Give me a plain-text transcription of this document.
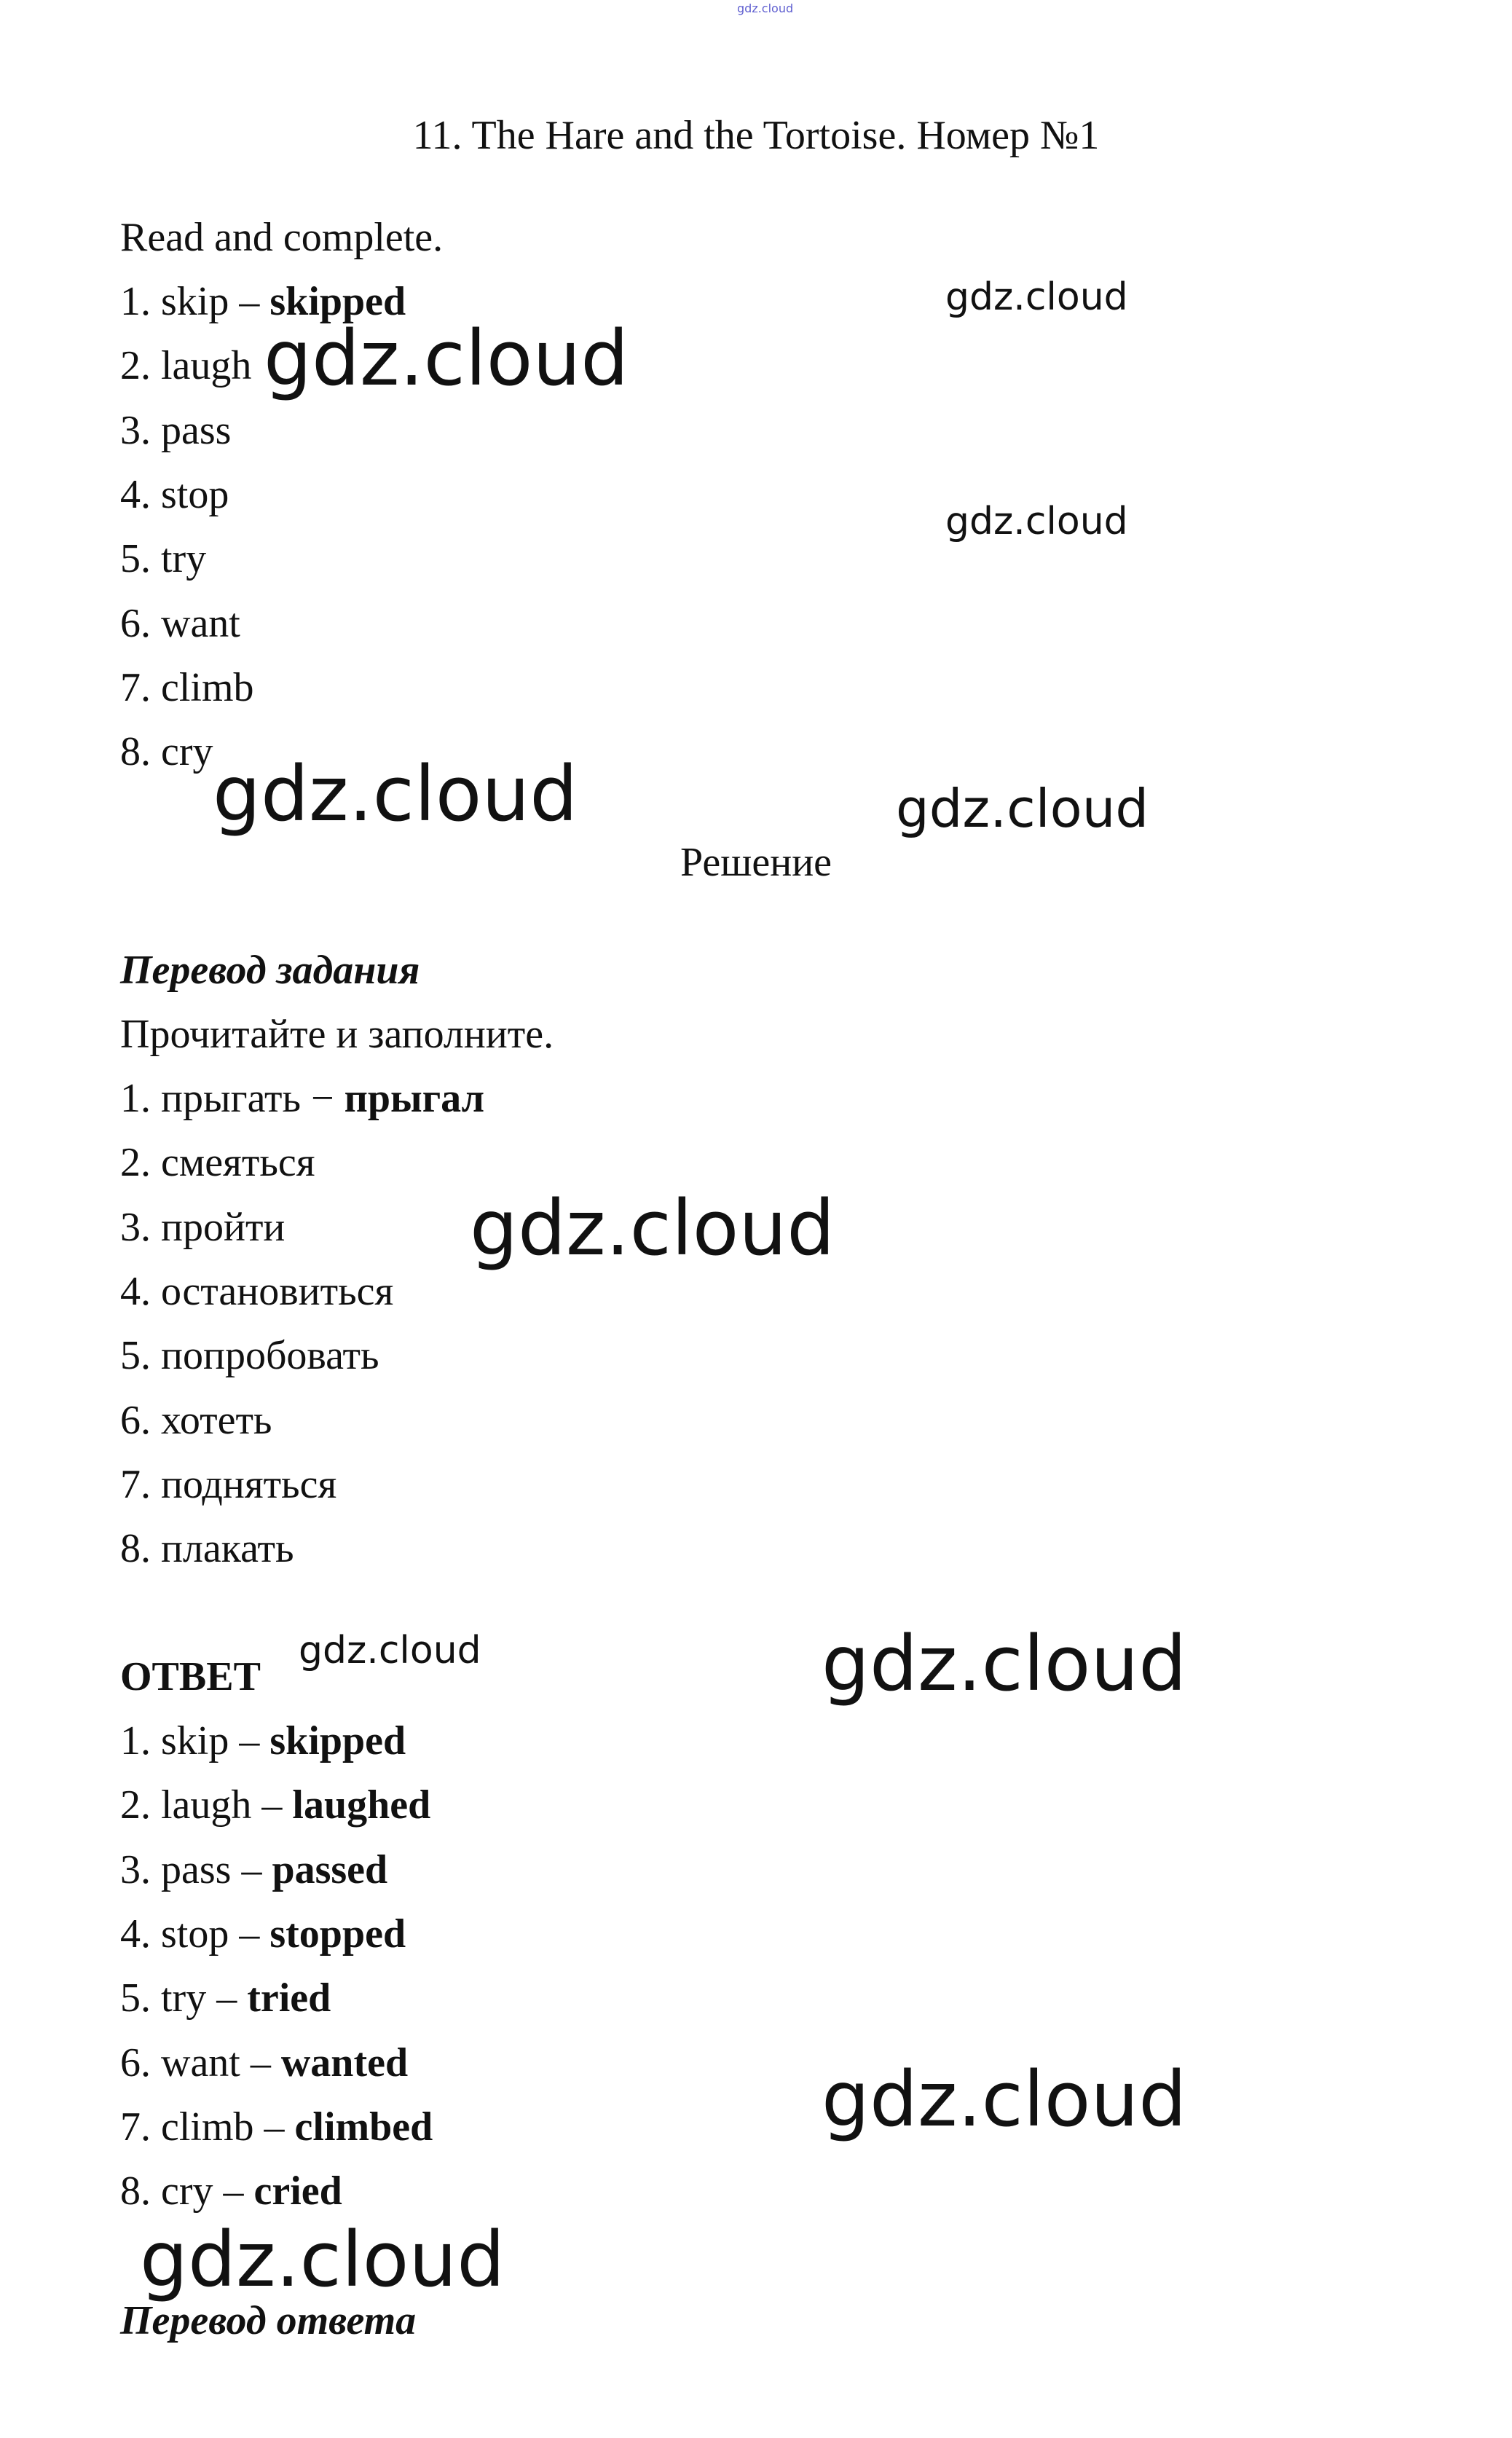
gdz.cloud
11. The Hare and the Tortoise. Номер №1
Read and complete.
1. skip – skipped
2. laugh
3. pass
4. stop
5. try
6. want
7. climb
8. cry
Решение
Перевод задания
Прочитайте и заполните.
1. прыгать − прыгал
2. смеяться
3. пройти
4. остановиться
5. попробовать
6. хотеть
7. подняться
8. плакать
ОТВЕТ
1. skip – skipped
2. laugh – laughed
3. pass – passed
4. stop – stopped
5. try – tried
6. want – wanted
7. climb – climbed
8. cry – cried
Перевод ответа
gdz.cloud
gdz.cloud
gdz.cloud
gdz.cloud	gdz.cloud
gdz.cloud
gdz.cloud	gdz.cloud
gdz.cloud
gdz.cloud
